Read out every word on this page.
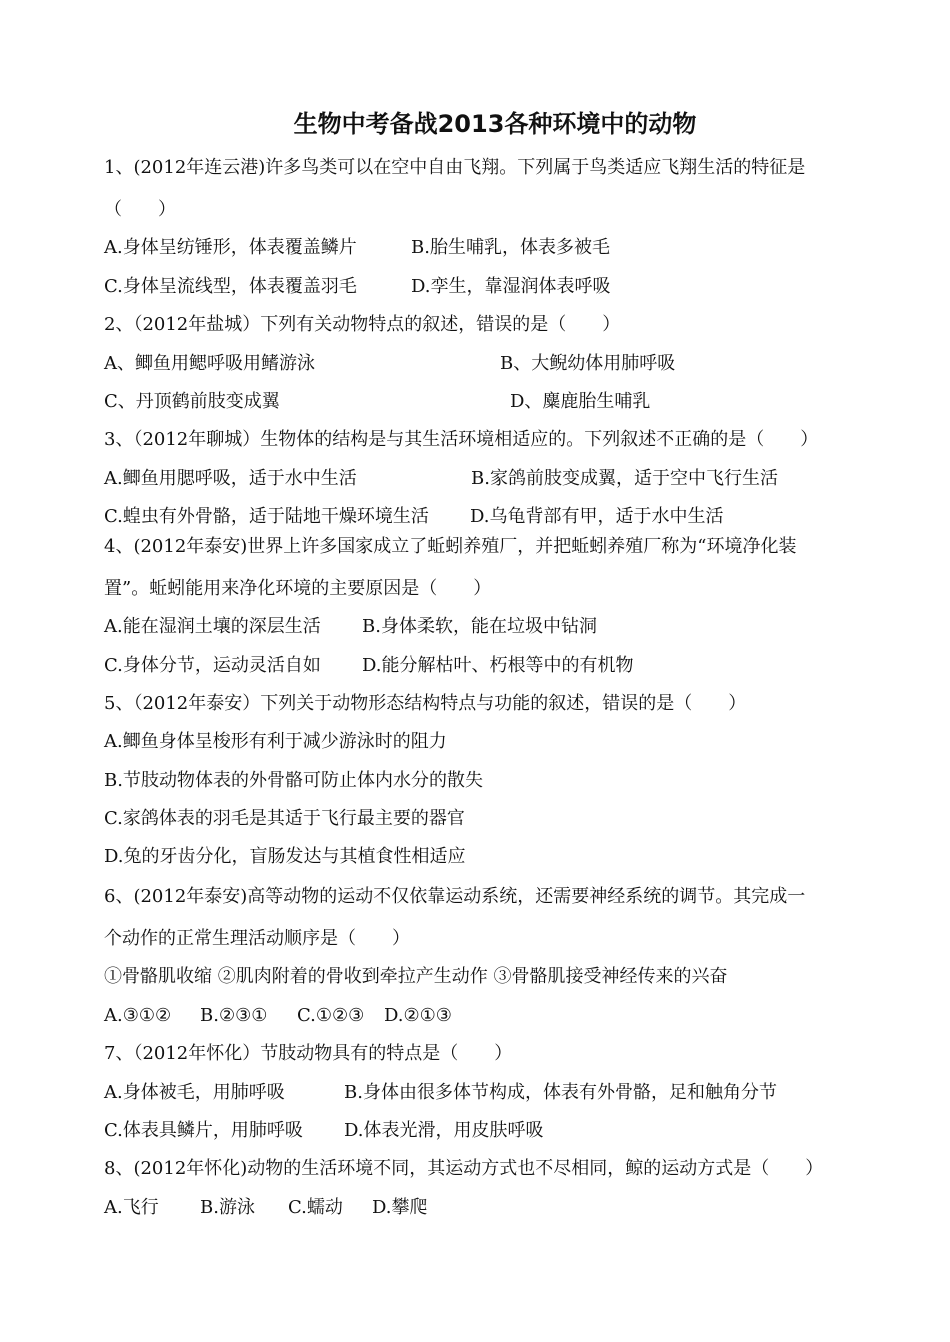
生物中考备战2013各种环境中的动物
1、(2012年连云港)许多鸟类可以在空中自由飞翔。下列属于鸟类适应飞翔生活的特征是
（　　）
A.身体呈纺锤形，体表覆盖鳞片	B.胎生哺乳，体表多被毛
C.身体呈流线型，体表覆盖羽毛	D.孪生，靠湿润体表呼吸
2、（2012年盐城）下列有关动物特点的叙述，错误的是（　　）
A、鲫鱼用鳃呼吸用鳍游泳	B、大鲵幼体用肺呼吸
C、丹顶鹤前肢变成翼	D、麋鹿胎生哺乳
3、（2012年聊城）生物体的结构是与其生活环境相适应的。下列叙述不正确的是（　　）
A.鲫鱼用腮呼吸，适于水中生活	B.家鸽前肢变成翼，适于空中飞行生活
C.蝗虫有外骨骼，适于陆地干燥环境生活 D.乌龟背部有甲，适于水中生活
4、(2012年泰安)世界上许多国家成立了蚯蚓养殖厂，并把蚯蚓养殖厂称为“环境净化装
置”。蚯蚓能用来净化环境的主要原因是（　　）
A.能在湿润土壤的深层生活 B.身体柔软，能在垃圾中钻洞
C.身体分节，运动灵活自如 D.能分解枯叶、朽根等中的有机物
5、（2012年泰安）下列关于动物形态结构特点与功能的叙述，错误的是（　　）
A.鲫鱼身体呈梭形有利于减少游泳时的阻力
B.节肢动物体表的外骨骼可防止体内水分的散失
C.家鸽体表的羽毛是其适于飞行最主要的器官
D.兔的牙齿分化，盲肠发达与其植食性相适应
6、(2012年泰安)高等动物的运动不仅依靠运动系统，还需要神经系统的调节。其完成一
个动作的正常生理活动顺序是（　　）
①骨骼肌收缩 ②肌肉附着的骨收到牵拉产生动作 ③骨骼肌接受神经传来的兴奋
A.③①② B.②③① C.①②③ D.②①③
7、（2012年怀化）节肢动物具有的特点是（　　）
A.身体被毛，用肺呼吸	B.身体由很多体节构成，体表有外骨骼，足和触角分节
C.体表具鳞片，用肺呼吸 D.体表光滑，用皮肤呼吸
8、(2012年怀化)动物的生活环境不同，其运动方式也不尽相同，鲸的运动方式是（　　）
A.飞行 B.游泳 C.蠕动 D.攀爬
